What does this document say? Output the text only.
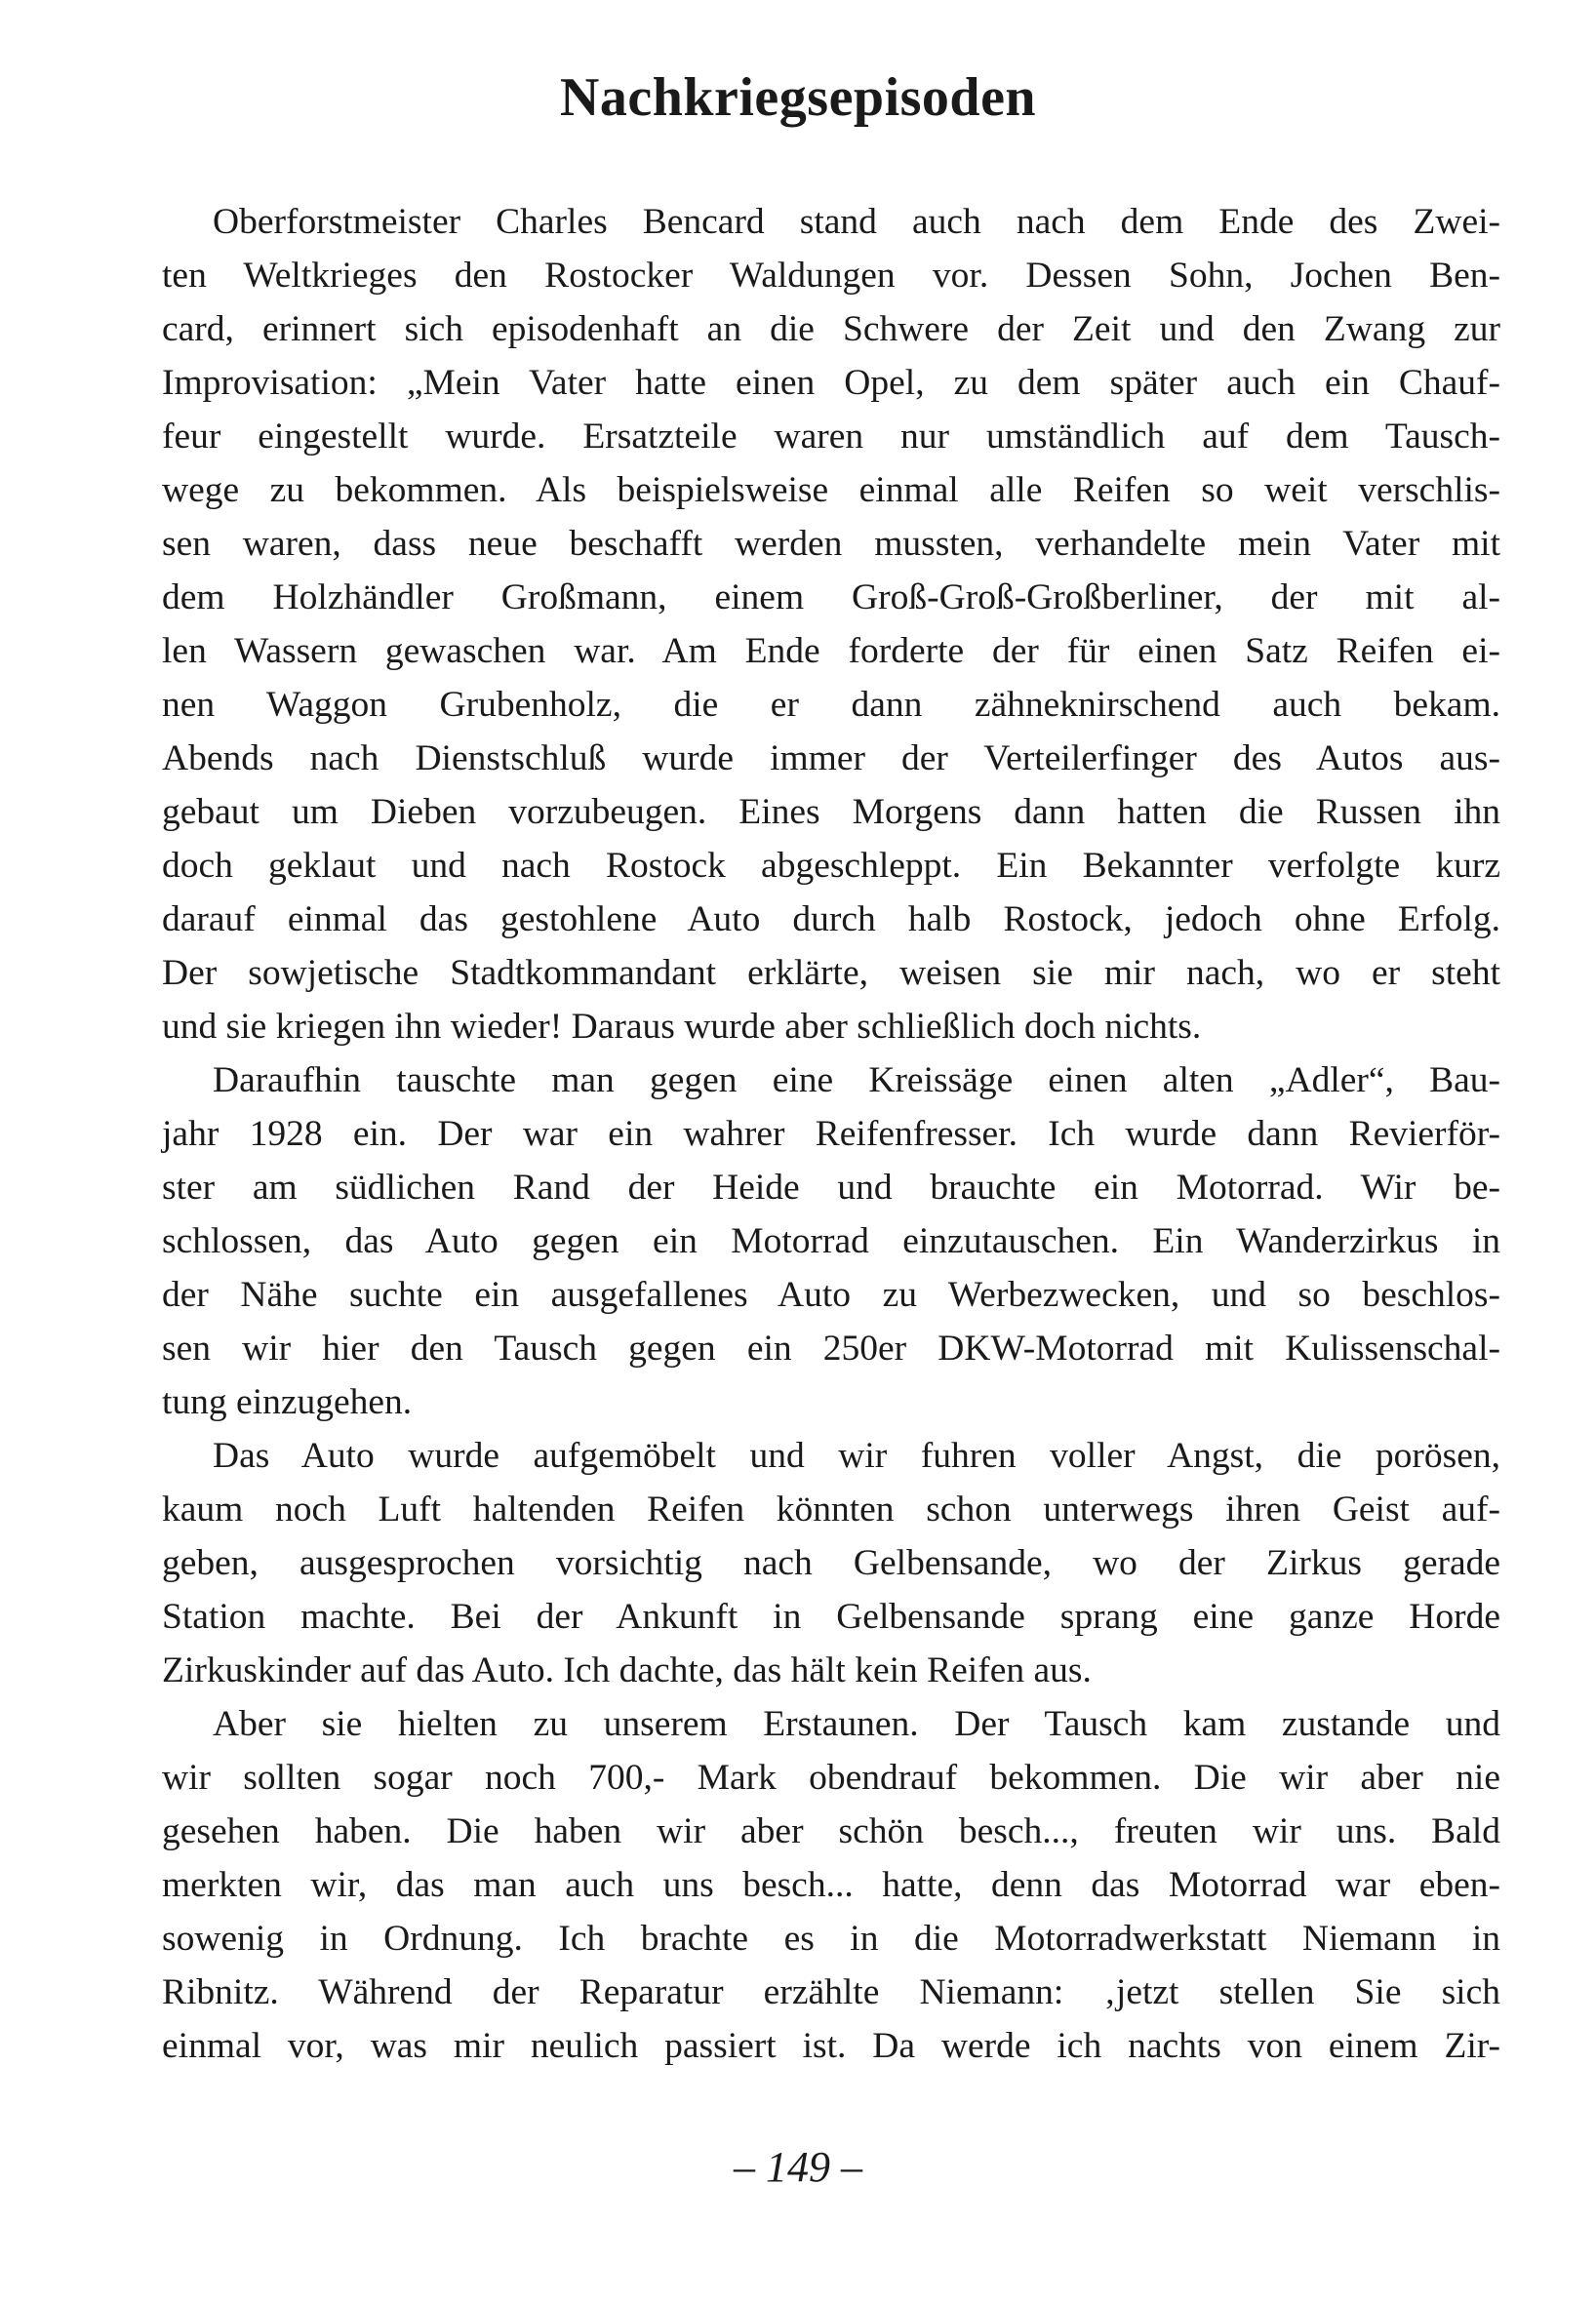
Nachkriegsepisoden
Oberforstmeister Charles Bencard stand auch nach dem Ende des Zwei-
ten Weltkrieges den Rostocker Waldungen vor. Dessen Sohn, Jochen Ben-
card, erinnert sich episodenhaft an die Schwere der Zeit und den Zwang zur
Improvisation: „Mein Vater hatte einen Opel, zu dem später auch ein Chauf-
feur eingestellt wurde. Ersatzteile waren nur umständlich auf dem Tausch-
wege zu bekommen. Als beispielsweise einmal alle Reifen so weit verschlis-
sen waren, dass neue beschafft werden mussten, verhandelte mein Vater mit
dem Holzhändler Großmann, einem Groß-Groß-Großberliner, der mit al-
len Wassern gewaschen war. Am Ende forderte der für einen Satz Reifen ei-
nen Waggon Grubenholz, die er dann zähneknirschend auch bekam.
Abends nach Dienstschluß wurde immer der Verteilerfinger des Autos aus-
gebaut um Dieben vorzubeugen. Eines Morgens dann hatten die Russen ihn
doch geklaut und nach Rostock abgeschleppt. Ein Bekannter verfolgte kurz
darauf einmal das gestohlene Auto durch halb Rostock, jedoch ohne Erfolg.
Der sowjetische Stadtkommandant erklärte, weisen sie mir nach, wo er steht
und sie kriegen ihn wieder! Daraus wurde aber schließlich doch nichts.
Daraufhin tauschte man gegen eine Kreissäge einen alten „Adler“, Bau-
jahr 1928 ein. Der war ein wahrer Reifenfresser. Ich wurde dann Revierför-
ster am südlichen Rand der Heide und brauchte ein Motorrad. Wir be-
schlossen, das Auto gegen ein Motorrad einzutauschen. Ein Wanderzirkus in
der Nähe suchte ein ausgefallenes Auto zu Werbezwecken, und so beschlos-
sen wir hier den Tausch gegen ein 250er DKW-Motorrad mit Kulissenschal-
tung einzugehen.
Das Auto wurde aufgemöbelt und wir fuhren voller Angst, die porösen,
kaum noch Luft haltenden Reifen könnten schon unterwegs ihren Geist auf-
geben, ausgesprochen vorsichtig nach Gelbensande, wo der Zirkus gerade
Station machte. Bei der Ankunft in Gelbensande sprang eine ganze Horde
Zirkuskinder auf das Auto. Ich dachte, das hält kein Reifen aus.
Aber sie hielten zu unserem Erstaunen. Der Tausch kam zustande und
wir sollten sogar noch 700,- Mark obendrauf bekommen. Die wir aber nie
gesehen haben. Die haben wir aber schön besch..., freuten wir uns. Bald
merkten wir, das man auch uns besch... hatte, denn das Motorrad war eben-
sowenig in Ordnung. Ich brachte es in die Motorradwerkstatt Niemann in
Ribnitz. Während der Reparatur erzählte Niemann: ‚jetzt stellen Sie sich
einmal vor, was mir neulich passiert ist. Da werde ich nachts von einem Zir-
– 149 –
